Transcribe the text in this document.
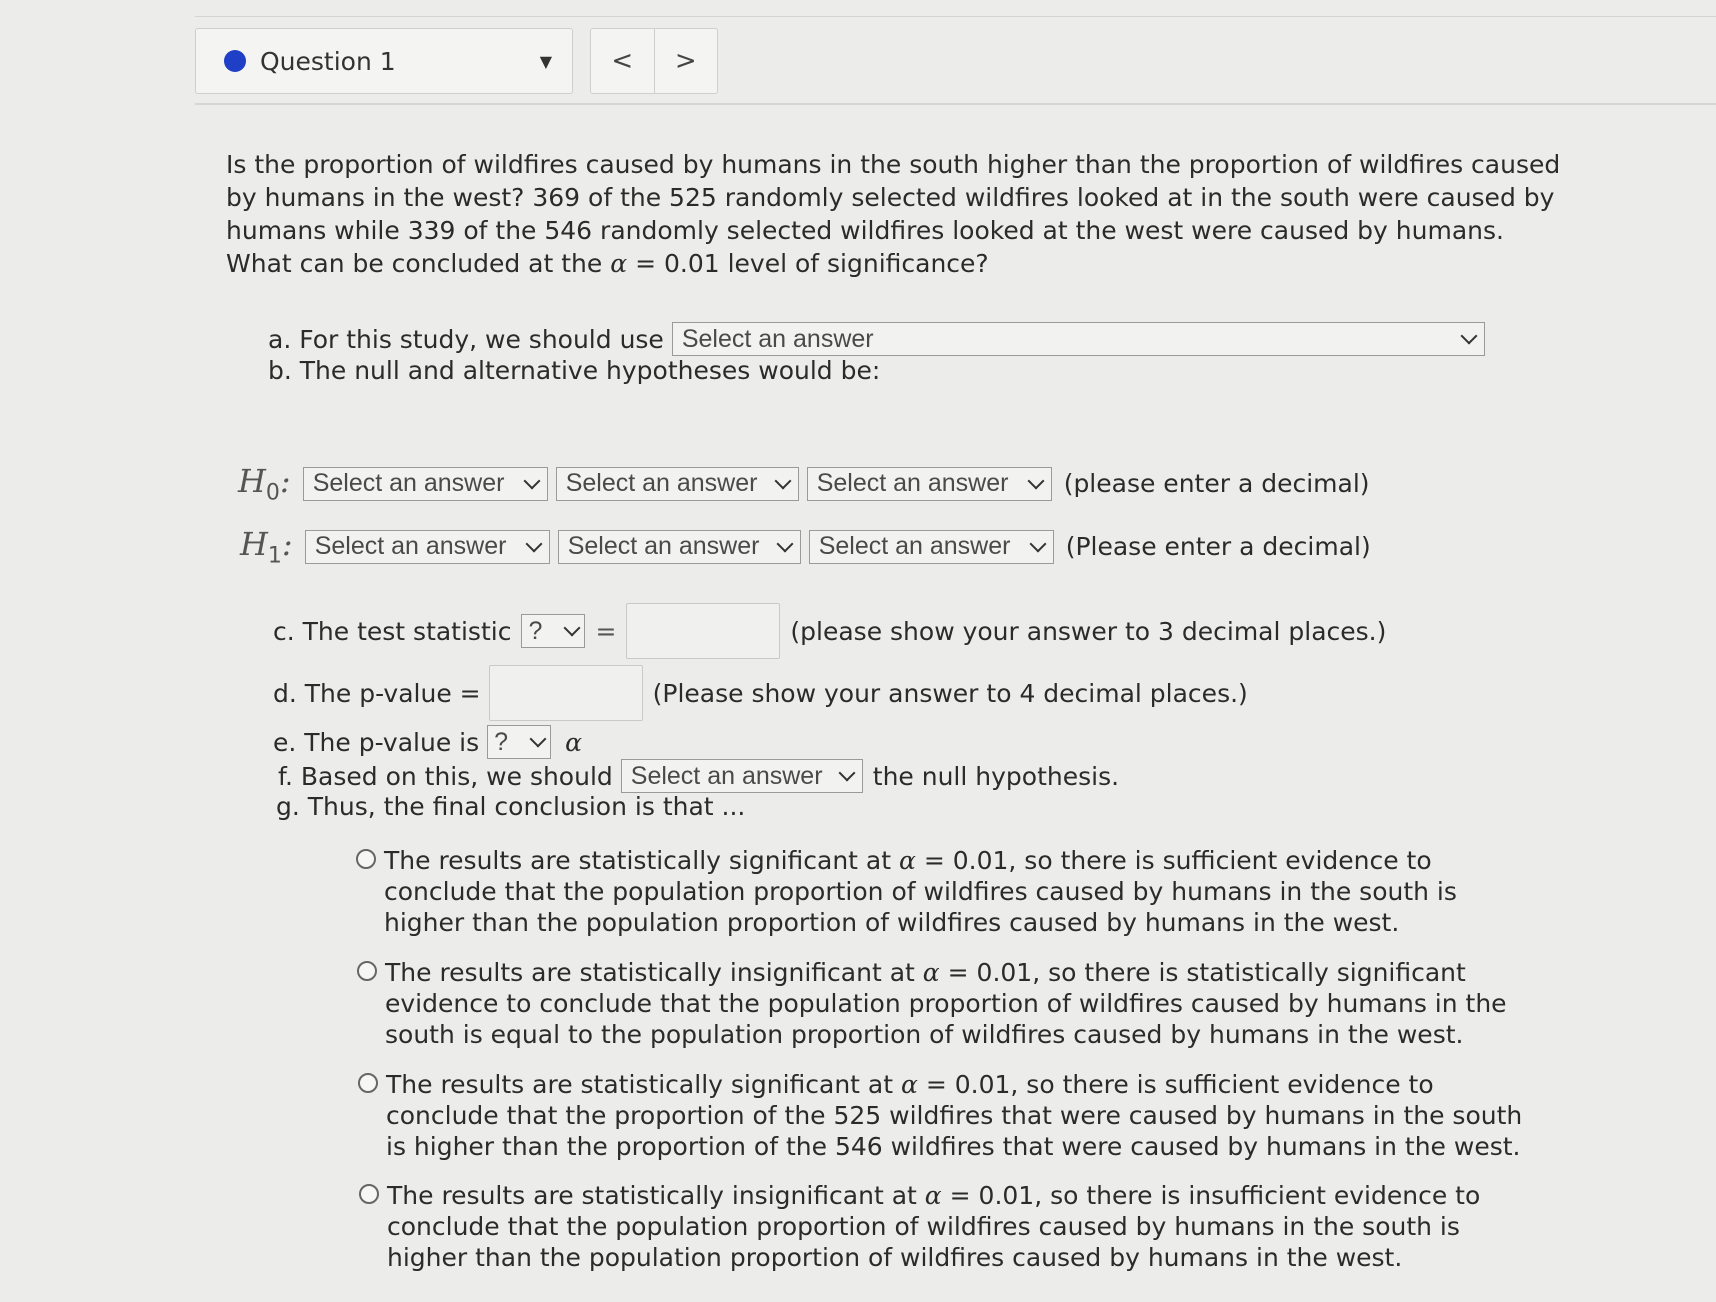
Question 1	▼ < >
Is the proportion of wildfires caused by humans in the south higher than the proportion of wildfires caused by humans in the west? 369 of the 525 randomly selected wildfires looked at in the south were caused by humans while 339 of the 546 randomly selected wildfires looked at the west were caused by humans. What can be concluded at the α = 0.01 level of significance?
a. For this study, we should use Select an answer
b. The null and alternative hypotheses would be:
$H_0$: Select an answer Select an answer Select an answer (please enter a decimal)
$H_1$: Select an answer Select an answer Select an answer (Please enter a decimal)
c. The test statistic ? =	(please show your answer to 3 decimal places.)
d. The p-value =	(Please show your answer to 4 decimal places.)
e. The p-value is ? α
f. Based on this, we should Select an answer the null hypothesis.
g. Thus, the final conclusion is that ...
The results are statistically significant at α = 0.01, so there is sufficient evidence to conclude that the population proportion of wildfires caused by humans in the south is higher than the population proportion of wildfires caused by humans in the west.
The results are statistically insignificant at α = 0.01, so there is statistically significant evidence to conclude that the population proportion of wildfires caused by humans in the south is equal to the population proportion of wildfires caused by humans in the west.
The results are statistically significant at α = 0.01, so there is sufficient evidence to conclude that the proportion of the 525 wildfires that were caused by humans in the south is higher than the proportion of the 546 wildfires that were caused by humans in the west.
The results are statistically insignificant at α = 0.01, so there is insufficient evidence to conclude that the population proportion of wildfires caused by humans in the south is higher than the population proportion of wildfires caused by humans in the west.
